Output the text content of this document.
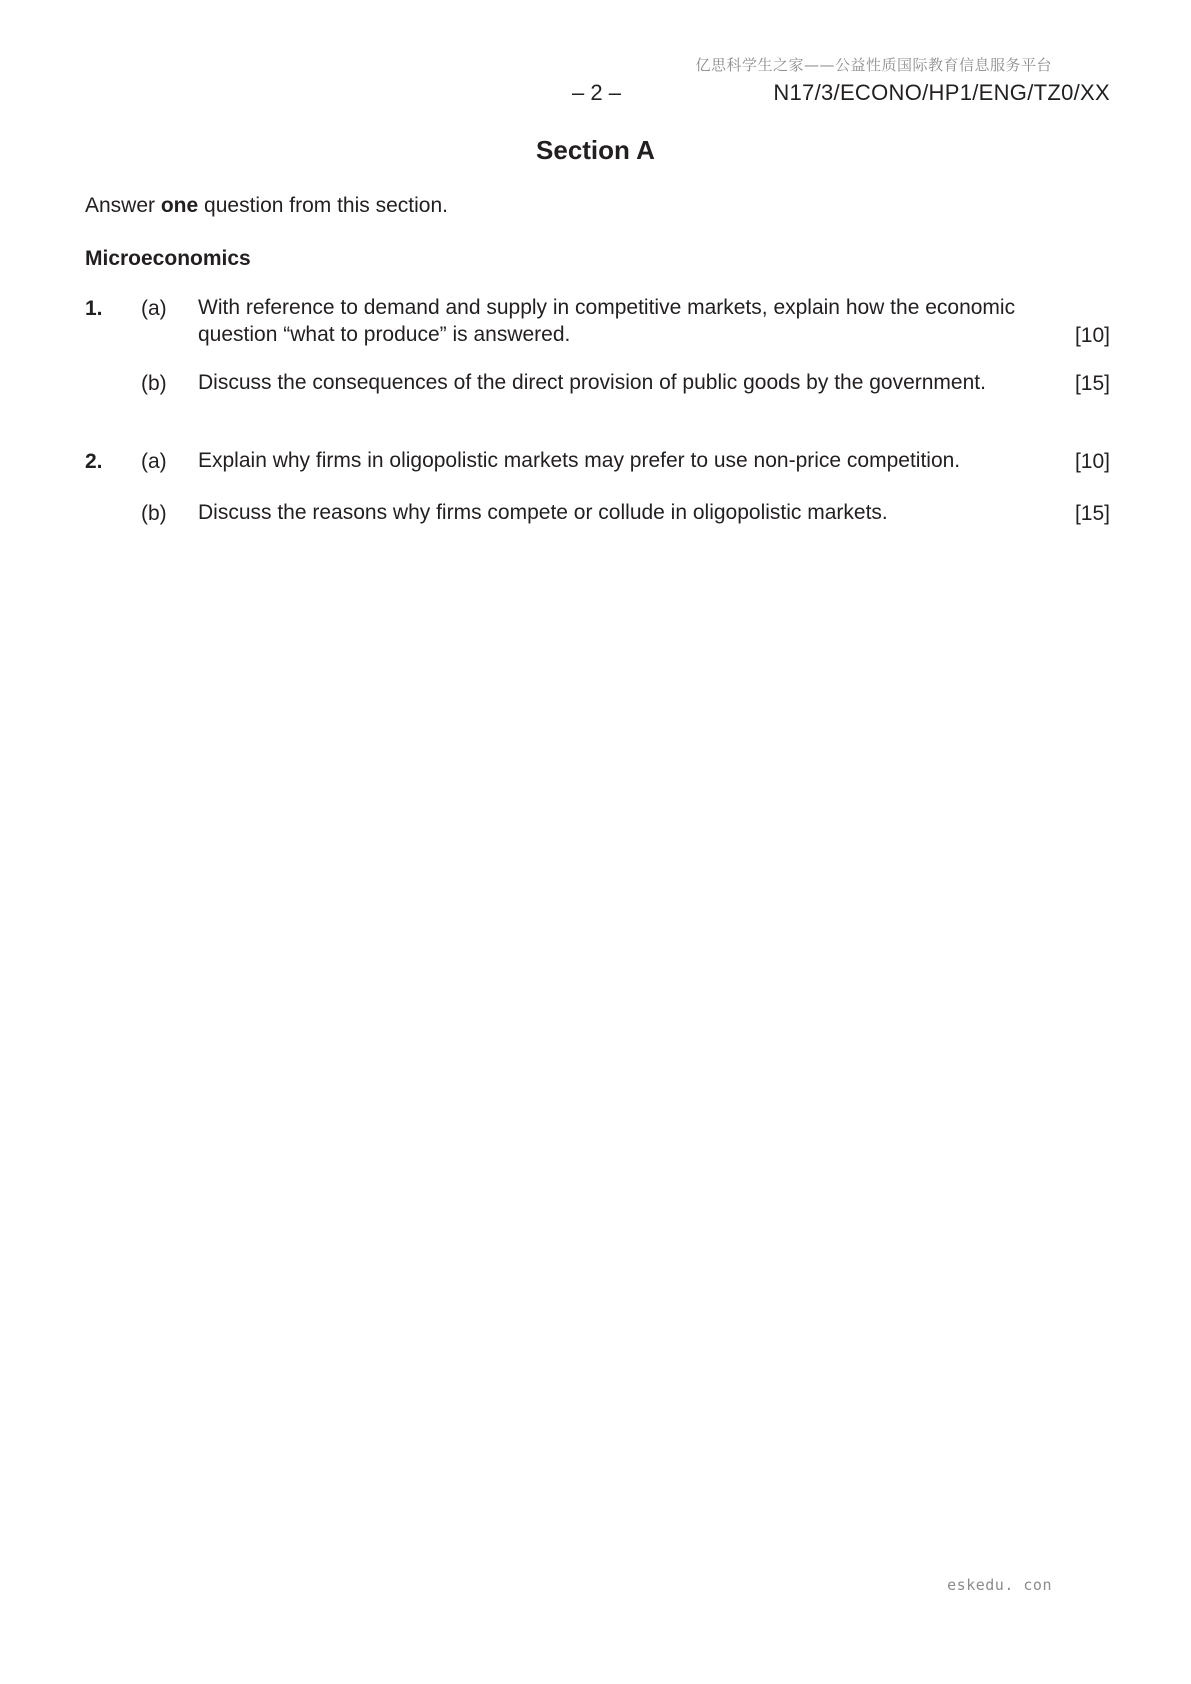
亿思科学生之家——公益性质国际教育信息服务平台
– 2 –	N17/3/ECONO/HP1/ENG/TZ0/XX
Section A
Answer one question from this section.
Microeconomics
1. (a) With reference to demand and supply in competitive markets, explain how the economic question “what to produce” is answered.	[10]
(b) Discuss the consequences of the direct provision of public goods by the government.	[15]
2. (a) Explain why firms in oligopolistic markets may prefer to use non-price competition.	[10]
(b) Discuss the reasons why firms compete or collude in oligopolistic markets.	[15]
eskedu. con
